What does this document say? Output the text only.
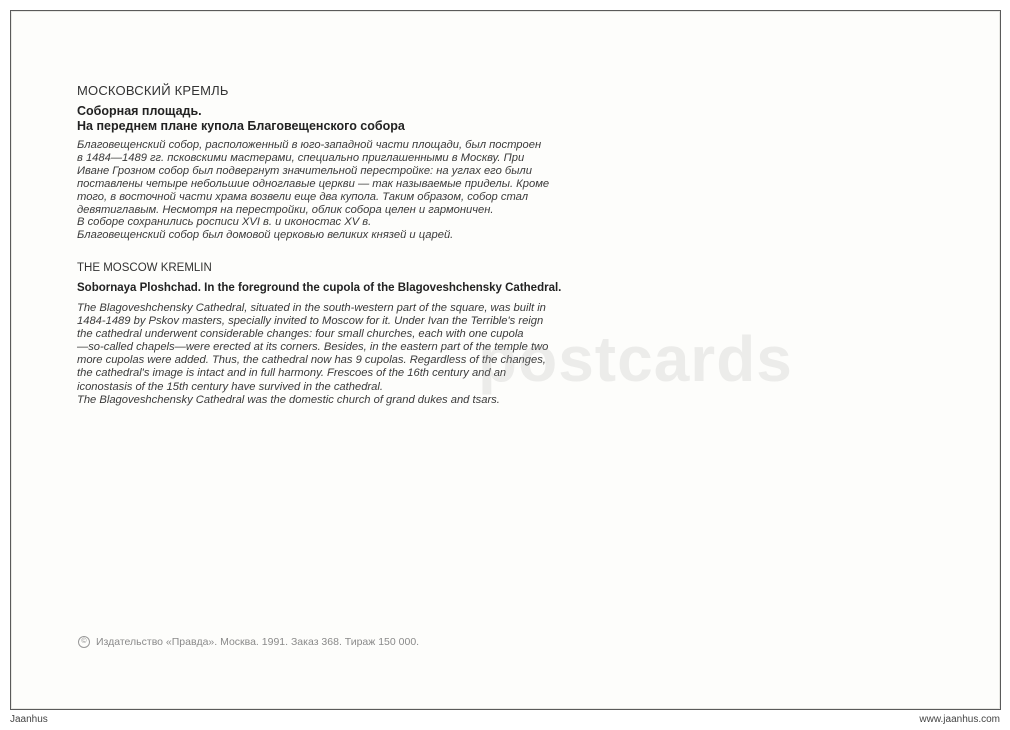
МОСКОВСКИЙ КРЕМЛЬ
Соборная площадь.
На переднем плане купола Благовещенского собора
Благовещенский собор, расположенный в юго-западной части площади, был построен
в 1484—1489 гг. псковскими мастерами, специально приглашенными в Москву. При
Иване Грозном собор был подвергнут значительной перестройке: на углах его были
поставлены четыре небольшие одноглавые церкви — так называемые приделы. Кроме
того, в восточной части храма возвели еще два купола. Таким образом, собор стал
девятиглавым. Несмотря на перестройки, облик собора целен и гармоничен.
В соборе сохранились росписи XVI в. и иконостас XV в.
Благовещенский собор был домовой церковью великих князей и царей.
THE MOSCOW KREMLIN
Sobornaya Ploshchad. In the foreground the cupola of the Blagoveshchensky Cathedral.
The Blagoveshchensky Cathedral, situated in the south-western part of the square, was built in
1484-1489 by Pskov masters, specially invited to Moscow for it. Under Ivan the Terrible's reign
the cathedral underwent considerable changes: four small churches, each with one cupola
—so-called chapels—were erected at its corners. Besides, in the eastern part of the temple two
more cupolas were added. Thus, the cathedral now has 9 cupolas. Regardless of the changes,
the cathedral's image is intact and in full harmony. Frescoes of the 16th century and an
iconostasis of the 15th century have survived in the cathedral.
The Blagoveshchensky Cathedral was the domestic church of grand dukes and tsars.
© Издательство «Правда». Москва. 1991. Заказ 368. Тираж 150 000.
Jaanhus	www.jaanhus.com
